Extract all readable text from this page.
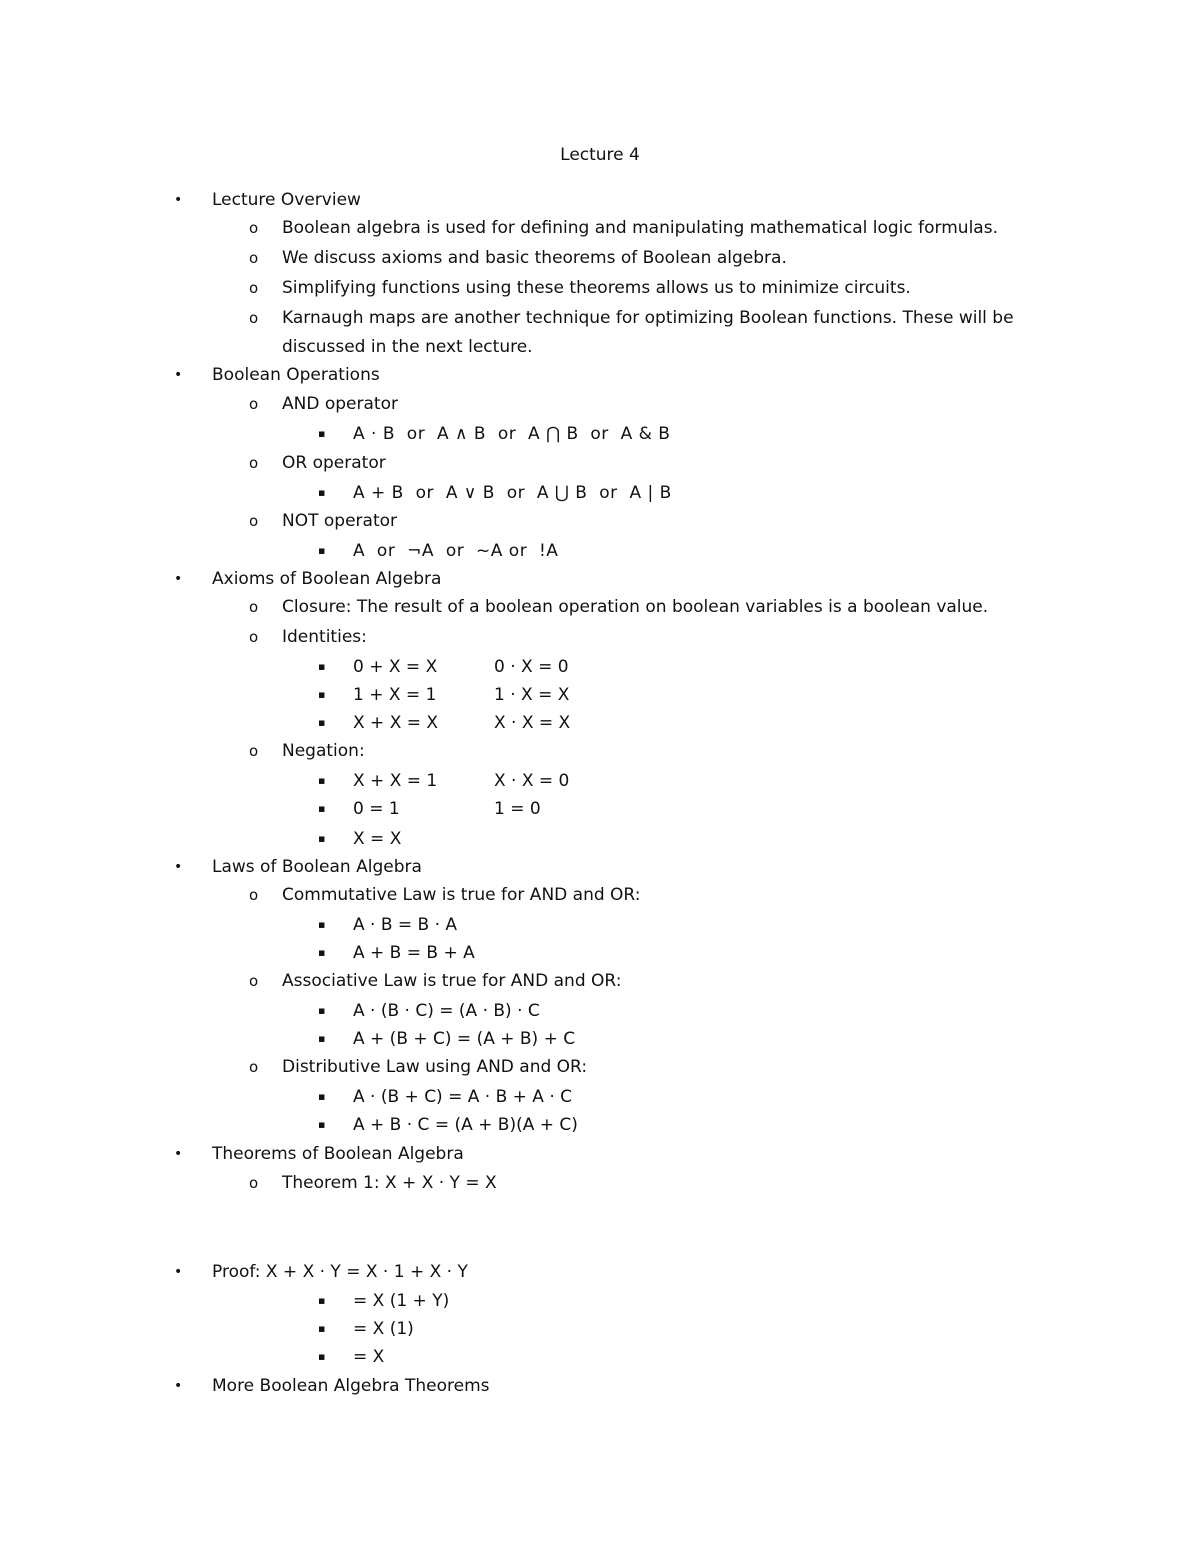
Lecture 4
• Lecture Overview
o Boolean algebra is used for defining and manipulating mathematical logic formulas.
o We discuss axioms and basic theorems of Boolean algebra.
o Simplifying functions using these theorems allows us to minimize circuits.
o Karnaugh maps are another technique for optimizing Boolean functions. These will be
discussed in the next lecture.
• Boolean Operations
o AND operator
▪ A · B  or  A ∧ B  or  A ⋂ B  or  A & B
o OR operator
▪ A + B  or  A ∨ B  or  A ⋃ B  or  A | B
o NOT operator
▪ A  or  ¬A  or  ~A or  !A
• Axioms of Boolean Algebra
o Closure: The result of a boolean operation on boolean variables is a boolean value.
o Identities:
▪ 0 + X = X	0 · X = 0
▪ 1 + X = 1	1 · X = X
▪ X + X = X	X · X = X
o Negation:
▪ X + X = 1	X · X = 0
▪ 0 = 1	1 = 0
▪ X = X
• Laws of Boolean Algebra
o Commutative Law is true for AND and OR:
▪ A · B = B · A
▪ A + B = B + A
o Associative Law is true for AND and OR:
▪ A · (B · C) = (A · B) · C
▪ A + (B + C) = (A + B) + C
o Distributive Law using AND and OR:
▪ A · (B + C) = A · B + A · C
▪ A + B · C = (A + B)(A + C)
• Theorems of Boolean Algebra
o Theorem 1: X + X · Y = X
• Proof: X + X · Y = X · 1 + X · Y
▪ = X (1 + Y)
▪ = X (1)
▪ = X
• More Boolean Algebra Theorems
